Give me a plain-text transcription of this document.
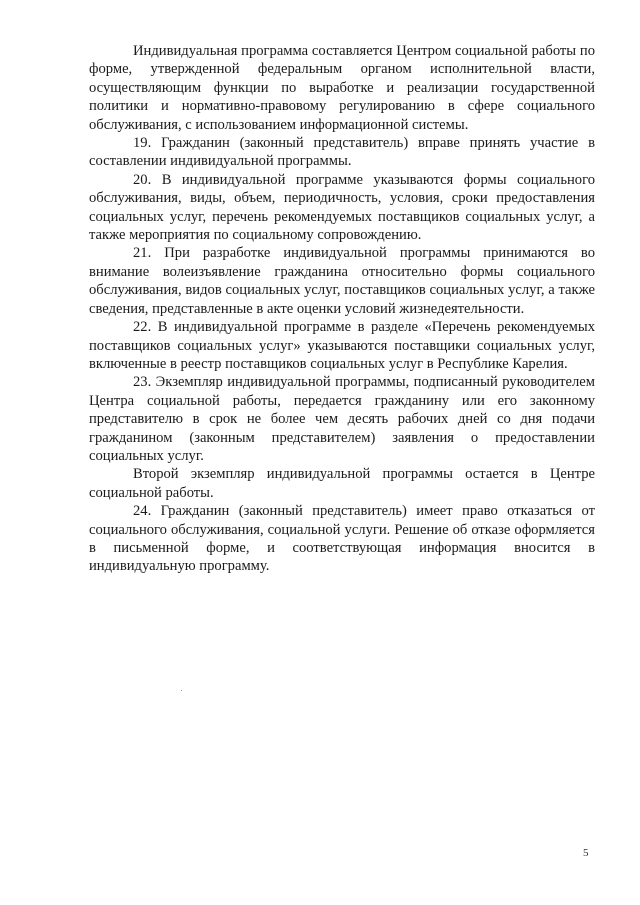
Индивидуальная программа составляется Центром социальной работы по форме, утвержденной федеральным органом исполнительной власти, осуществляющим функции по выработке и реализации государственной политики и нормативно-правовому регулированию в сфере социального обслуживания, с использованием информационной системы.

19. Гражданин (законный представитель) вправе принять участие в составлении индивидуальной программы.

20. В индивидуальной программе указываются формы социального обслуживания, виды, объем, периодичность, условия, сроки предоставления социальных услуг, перечень рекомендуемых поставщиков социальных услуг, а также мероприятия по социальному сопровождению.

21. При разработке индивидуальной программы принимаются во внимание волеизъявление гражданина относительно формы социального обслуживания, видов социальных услуг, поставщиков социальных услуг, а также сведения, представленные в акте оценки условий жизнедеятельности.

22. В индивидуальной программе в разделе «Перечень рекомендуемых поставщиков социальных услуг» указываются поставщики социальных услуг, включенные в реестр поставщиков социальных услуг в Республике Карелия.

23. Экземпляр индивидуальной программы, подписанный руководителем Центра социальной работы, передается гражданину или его законному представителю в срок не более чем десять рабочих дней со дня подачи гражданином (законным представителем) заявления о предоставлении социальных услуг.

Второй экземпляр индивидуальной программы остается в Центре социальной работы.

24. Гражданин (законный представитель) имеет право отказаться от социального обслуживания, социальной услуги. Решение об отказе оформляется в письменной форме, и соответствующая информация вносится в индивидуальную программу.

5
